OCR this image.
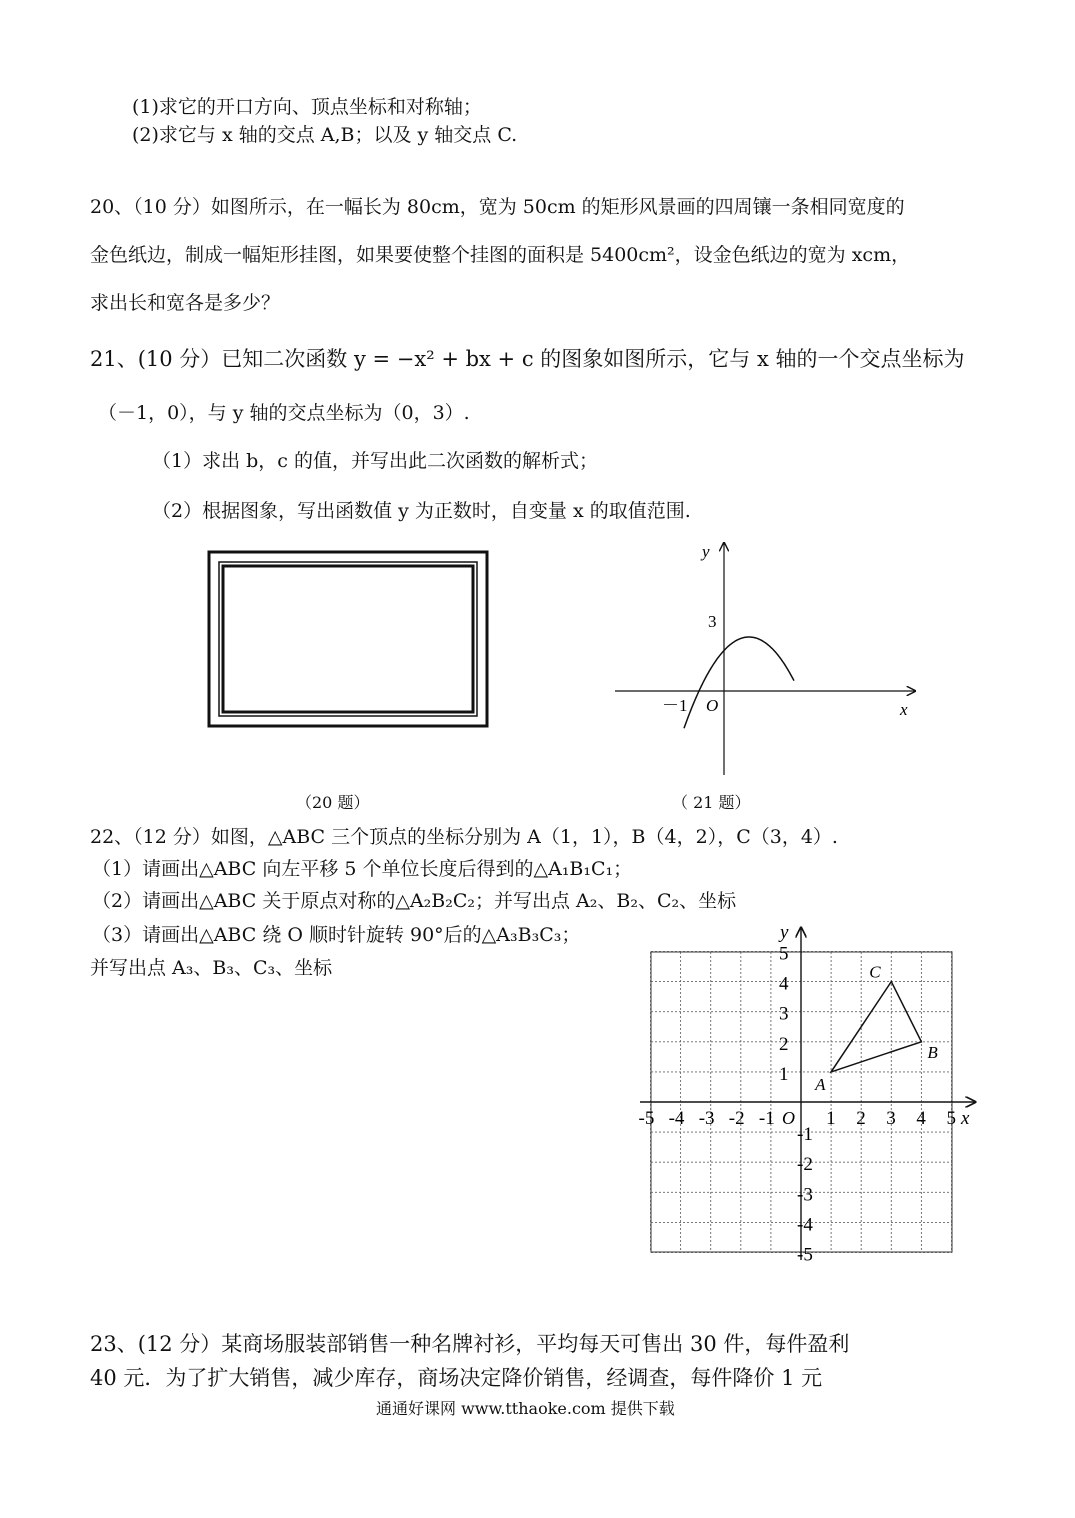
(1)求它的开口方向、顶点坐标和对称轴；
(2)求它与 x 轴的交点 A,B；以及 y 轴交点 C.
20、（10 分）如图所示，在一幅长为 80cm，宽为 50cm 的矩形风景画的四周镶一条相同宽度的
金色纸边，制成一幅矩形挂图，如果要使整个挂图的面积是 5400cm²，设金色纸边的宽为 xcm，
求出长和宽各是多少？
21、(10 分）已知二次函数 y = −x² + bx + c 的图象如图所示，它与 x 轴的一个交点坐标为
（－1，0），与 y 轴的交点坐标为（0，3）.
（1）求出 b，c 的值，并写出此二次函数的解析式；
（2）根据图象，写出函数值 y 为正数时，自变量 x 的取值范围.
（20 题）
y
x
O
－1
3
（ 21 题）
22、（12 分）如图，△ABC 三个顶点的坐标分别为 A（1，1），B（4，2），C（3，4）.
（1）请画出△ABC 向左平移 5 个单位长度后得到的△A₁B₁C₁；
（2）请画出△ABC 关于原点对称的△A₂B₂C₂；并写出点 A₂、B₂、C₂、坐标
（3）请画出△ABC 绕 O 顺时针旋转 90°后的△A₃B₃C₃；
并写出点 A₃、B₃、C₃、坐标
-5 -4 -3 -2 -1	1 2 3 4 5
5
4
3
2
1
-1
-2
-3
-4
-5
A
B
C
x
y
O
23、(12 分）某商场服装部销售一种名牌衬衫，平均每天可售出 30 件，每件盈利
40 元．为了扩大销售，减少库存，商场决定降价销售，经调查，每件降价 1 元
通通好课网 www.tthaoke.com 提供下载
